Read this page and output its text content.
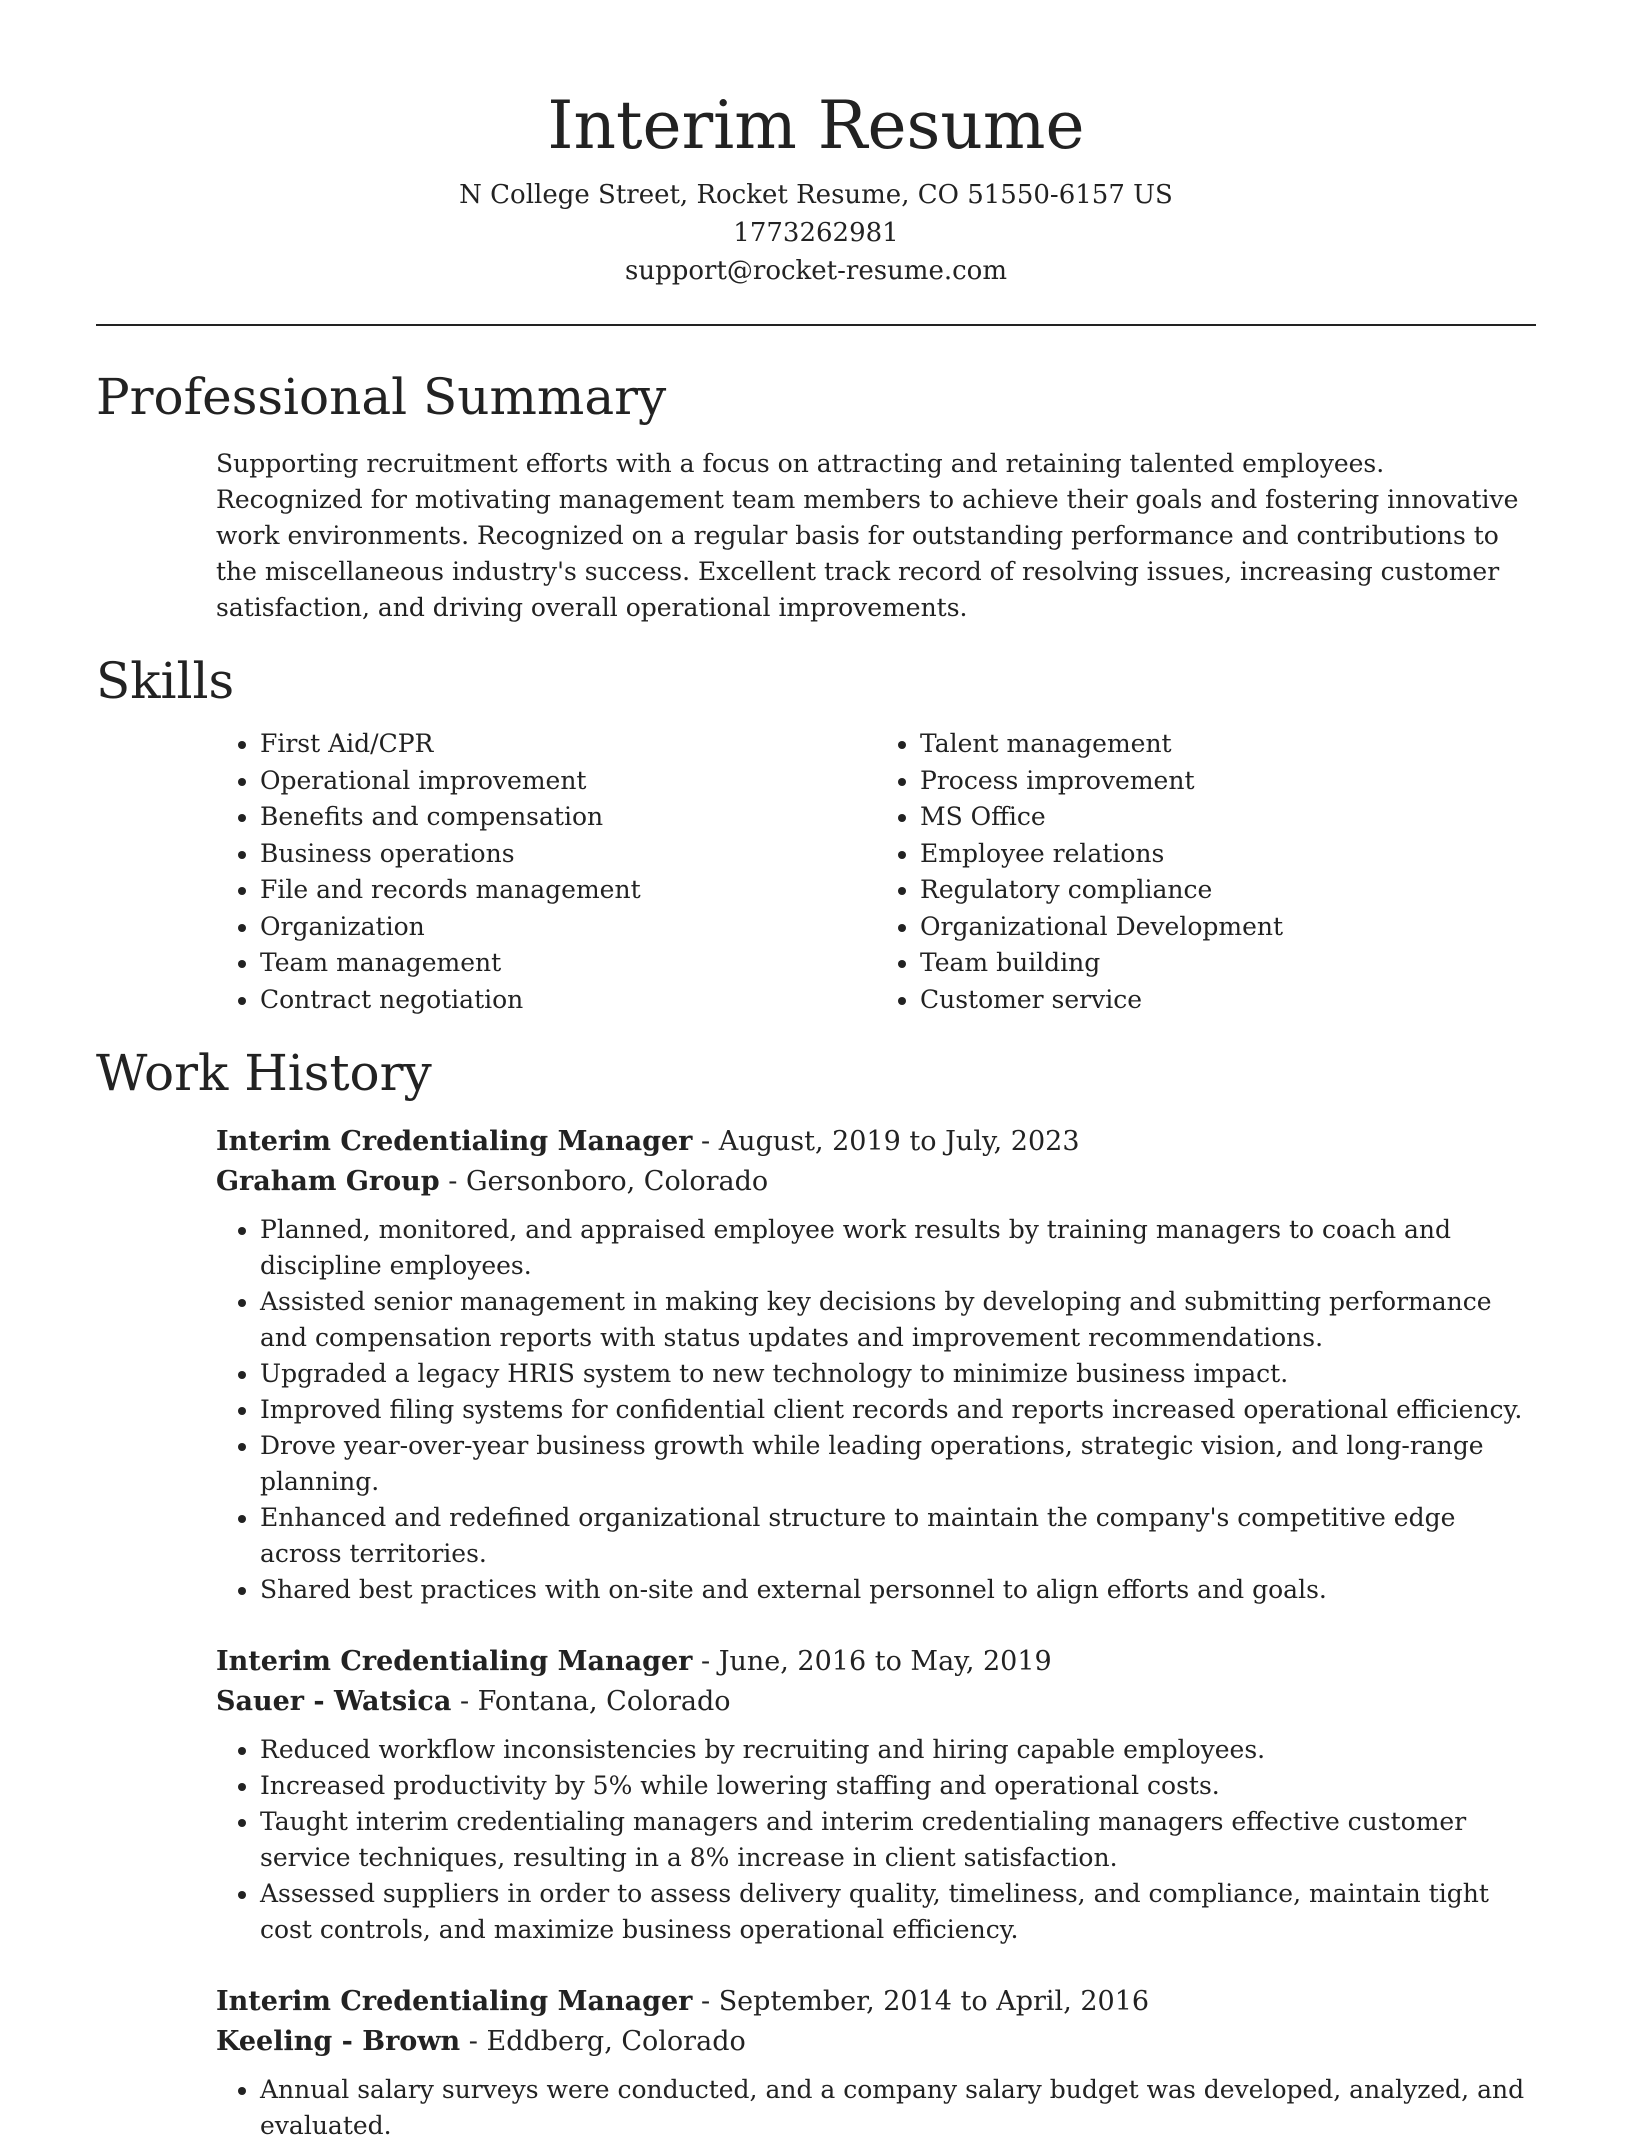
Interim Resume

N College Street, Rocket Resume, CO 51550-6157 US

1773262981

support@rocket-resume.com

Professional Summary

Supporting recruitment efforts with a focus on attracting and retaining talented employees. Recognized for motivating management team members to achieve their goals and fostering innovative work environments. Recognized on a regular basis for outstanding performance and contributions to the miscellaneous industry's success. Excellent track record of resolving issues, increasing customer satisfaction, and driving overall operational improvements.

Skills
• First Aid/CPR
• Operational improvement
• Benefits and compensation
• Business operations
• File and records management
• Organization
• Team management
• Contract negotiation
• Talent management
• Process improvement
• MS Office
• Employee relations
• Regulatory compliance
• Organizational Development
• Team building
• Customer service
Work History

Interim Credentialing Manager - August, 2019 to July, 2023

Graham Group - Gersonboro, Colorado

• Planned, monitored, and appraised employee work results by training managers to coach and discipline employees.
• Assisted senior management in making key decisions by developing and submitting performance and compensation reports with status updates and improvement recommendations.
• Upgraded a legacy HRIS system to new technology to minimize business impact.
• Improved filing systems for confidential client records and reports increased operational efficiency.
• Drove year-over-year business growth while leading operations, strategic vision, and long-range planning.
• Enhanced and redefined organizational structure to maintain the company's competitive edge across territories.
• Shared best practices with on-site and external personnel to align efforts and goals.

Interim Credentialing Manager - June, 2016 to May, 2019

Sauer - Watsica - Fontana, Colorado

• Reduced workflow inconsistencies by recruiting and hiring capable employees.
• Increased productivity by 5% while lowering staffing and operational costs.
• Taught interim credentialing managers and interim credentialing managers effective customer service techniques, resulting in a 8% increase in client satisfaction.
• Assessed suppliers in order to assess delivery quality, timeliness, and compliance, maintain tight cost controls, and maximize business operational efficiency.

Interim Credentialing Manager - September, 2014 to April, 2016

Keeling - Brown - Eddberg, Colorado

• Annual salary surveys were conducted, and a company salary budget was developed, analyzed, and evaluated.
